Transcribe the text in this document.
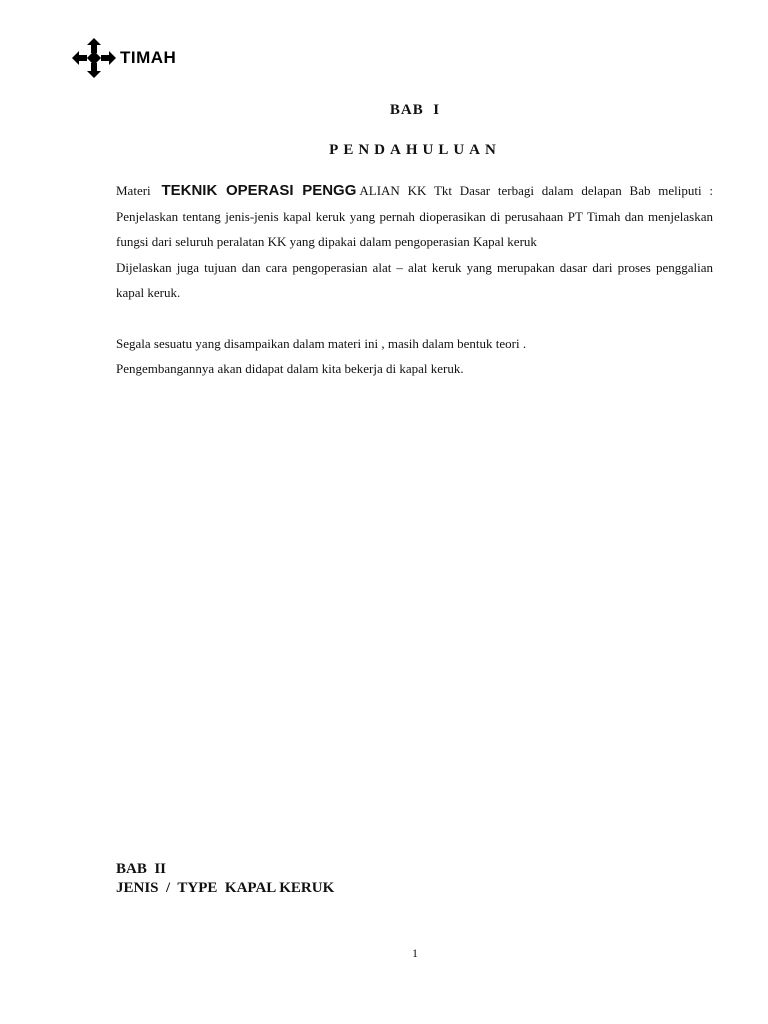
TIMAH
BAB  I
PENDAHULUAN

Materi TEKNIK OPERASI PENGG ALIAN KK Tkt Dasar terbagi dalam delapan Bab meliputi : Penjelaskan tentang jenis-jenis kapal keruk yang pernah dioperasikan di perusahaan PT Timah dan menjelaskan fungsi dari seluruh peralatan KK yang dipakai dalam pengoperasian Kapal keruk

Dijelaskan juga tujuan dan cara pengoperasian alat – alat keruk yang merupakan dasar dari proses penggalian kapal keruk.

Segala sesuatu yang disampaikan dalam materi ini , masih dalam bentuk teori .

Pengembangannya akan didapat dalam kita bekerja di kapal keruk.

BAB  II
JENIS  /  TYPE  KAPAL KERUK
1
